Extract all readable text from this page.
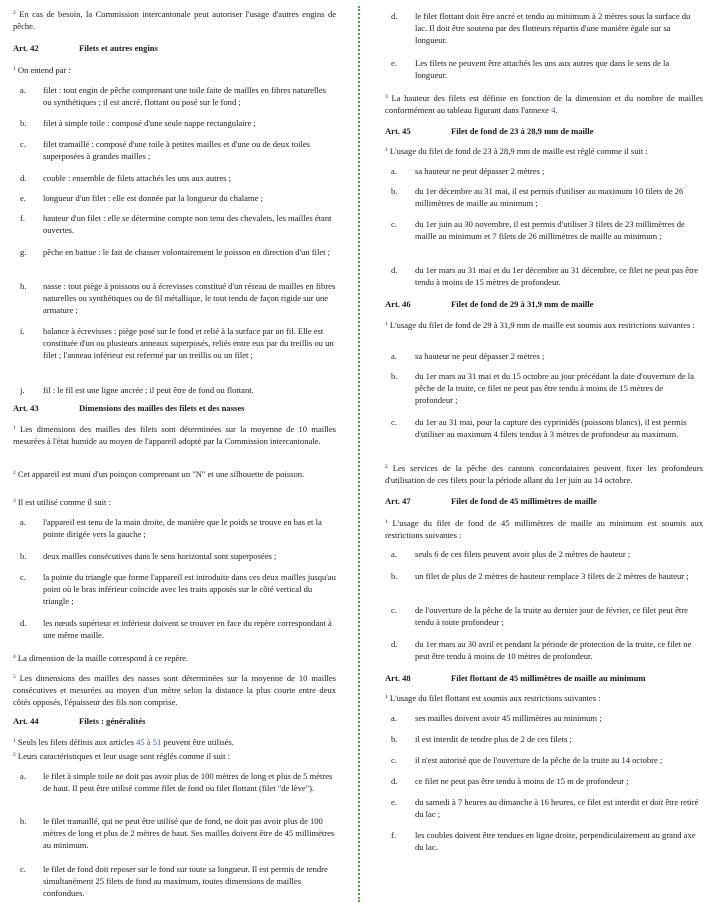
$^2$ En cas de besoin, la Commission intercantonale peut autoriser l'usage d'autres engins de pêche.
Art. 42	Filets et autres engins
$^1$ On entend par :
a. filet : tout engin de pêche comprenant une toile faite de mailles en fibres naturelles ou synthétiques ; il est ancré, flottant ou posé sur le fond ;
b. filet à simple toile : composé d'une seule nappe rectangulaire ;
c. filet tramaillé : composé d'une toile à petites mailles et d'une ou de deux toiles superposées à grandes mailles ;
d. couble : ensemble de filets attachés les uns aux autres ;
e. longueur d'un filet : elle est donnée par la longueur du chalame ;
f. hauteur d'un filet : elle se détermine compte non tenu des chevalets, les mailles étant ouvertes.
g. pêche en battue : le fait de chasser volontairement le poisson en direction d'un filet ;
h. nasse : tout piège à poissons ou à écrevisses constitué d'un réseau de mailles en fibres naturelles ou synthétiques ou de fil métallique, le tout tendu de façon rigide sur une armature ;
i. balance à écrevisses : piège posé sur le fond et relié à la surface par un fil. Elle est constituée d'un ou plusieurs anneaux superposés, reliés entre eux par du treillis ou un filet ; l'anneau inférieur est refermé par un treillis ou un filet ;
j. fil : le fil est une ligne ancrée ; il peut être de fond ou flottant.
Art. 43	Dimensions des mailles des filets et des nasses
$^1$ Les dimensions des mailles des filets sont déterminées sur la moyenne de 10 mailles mesurées à l'état humide au moyen de l'appareil adopté par la Commission intercantonale.
$^2$ Cet appareil est muni d'un poinçon comprenant un "N" et une silhouette de poisson.
$^3$ Il est utilisé comme il suit :
a. l'appareil est tenu de la main droite, de manière que le poids se trouve en bas et la pointe dirigée vers la gauche ;
b. deux mailles consécutives dans le sens horizontal sont superposées ;
c. la pointe du triangle que forme l'appareil est introduite dans ces deux mailles jusqu'au point où le bras inférieur coïncide avec les traits apposés sur le côté vertical du triangle ;
d. les nœuds supérieur et inférieur doivent se trouver en face du repère correspondant à une même maille.
$^4$ La dimension de la maille correspond à ce repère.
$^5$ Les dimensions des mailles des nasses sont déterminées sur la moyenne de 10 mailles consécutives et mesurées au moyen d'un mètre selon la distance la plus courte entre deux côtés opposés, l'épaisseur des fils non comprise.
Art. 44	Filets : généralités
$^1$ Seuls les filets définis aux articles 45 à 51 peuvent être utilisés.
$^2$ Leurs caractéristiques et leur usage sont réglés comme il suit :
a. le filet à simple toile ne doit pas avoir plus de 100 mètres de long et plus de 5 mètres de haut. Il peut être utilisé comme filet de fond ou filet flottant (filet "de lève").
b. le filet tramaillé, qui ne peut être utilisé que de fond, ne doit pas avoir plus de 100 mètres de long et plus de 2 mètres de haut. Ses mailles doivent être de 45 millimètres au minimum.
c. le filet de fond doit reposer sur le fond sur toute sa longueur. Il est permis de tendre simultanément 25 filets de fond au maximum, toutes dimensions de mailles confondues.
d. le filet flottant doit être ancré et tendu au minimum à 2 mètres sous la surface du lac. Il doit être soutenu par des flotteurs répartis d'une manière égale sur sa longueur.
e. Les filets ne peuvent être attachés les uns aux autres que dans le sens de la longueur.
$^3$ La hauteur des filets est définie en fonction de la dimension et du nombre de mailles conformément au tableau figurant dans l'annexe 4.
Art. 45	Filet de fond de 23 à 28,9 mm de maille
$^1$ L'usage du filet de fond de 23 à 28,9 mm de maille est réglé comme il suit :
a. sa hauteur ne peut dépasser 2 mètres ;
b. du 1er décembre au 31 mai, il est permis d'utiliser au maximum 10 filets de 26 millimètres de maille au minimum ;
c. du 1er juin au 30 novembre, il est permis d'utiliser 3 filets de 23 millimètres de maille au minimum et 7 filets de 26 millimètres de maille au minimum ;
d. du 1er mars au 31 mai et du 1er décembre au 31 décembre, ce filet ne peut pas être tendu à moins de 15 mètres de profondeur.
Art. 46	Filet de fond de 29 à 31,9 mm de maille
$^1$ L'usage du filet de fond de 29 à 31,9 mm de maille est soumis aux restrictions suivantes :
a. sa hauteur ne peut dépasser 2 mètres ;
b. du 1er mars au 31 mai et du 15 octobre au jour précédant la date d'ouverture de la pêche de la truite, ce filet ne peut pas être tendu à moins de 15 mètres de profondeur ;
c. du 1er au 31 mai, pour la capture des cyprinidés (poissons blancs), il est permis d'utiliser au maximum 4 filets tendus à 3 mètres de profondeur au maximum.
$^2$ Les services de la pêche des cantons concordataires peuvent fixer les profondeurs d'utilisation de ces filets pour la période allant du 1er juin au 14 octobre.
Art. 47	Filet de fond de 45 millimètres de maille
$^1$ L'usage du filet de fond de 45 millimètres de maille au minimum est soumis aux restrictions suivantes :
a. seuls 6 de ces filets peuvent avoir plus de 2 mètres de hauteur ;
b. un filet de plus de 2 mètres de hauteur remplace 3 filets de 2 mètres de hauteur ;
c. de l'ouverture de la pêche de la truite au dernier jour de février, ce filet peut être tendu à toute profondeur ;
d. du 1er mars au 30 avril et pendant la période de protection de la truite, ce filet ne peut être tendu à moins de 10 mètres de profondeur.
Art. 48	Filet flottant de 45 millimètres de maille au minimum
$^1$ L'usage du filet flottant est soumis aux restrictions suivantes :
a. ses mailles doivent avoir 45 millimètres au minimum ;
b. il est interdit de tendre plus de 2 de ces filets ;
c. il n'est autorisé que de l'ouverture de la pêche de la truite au 14 octobre ;
d. ce filet ne peut pas être tendu à moins de 15 m de profondeur ;
e. du samedi à 7 heures au dimanche à 16 heures, ce filet est interdit et doit être retiré du lac ;
f. les coubles doivent être tendues en ligne droite, perpendiculairement au grand axe du lac.
